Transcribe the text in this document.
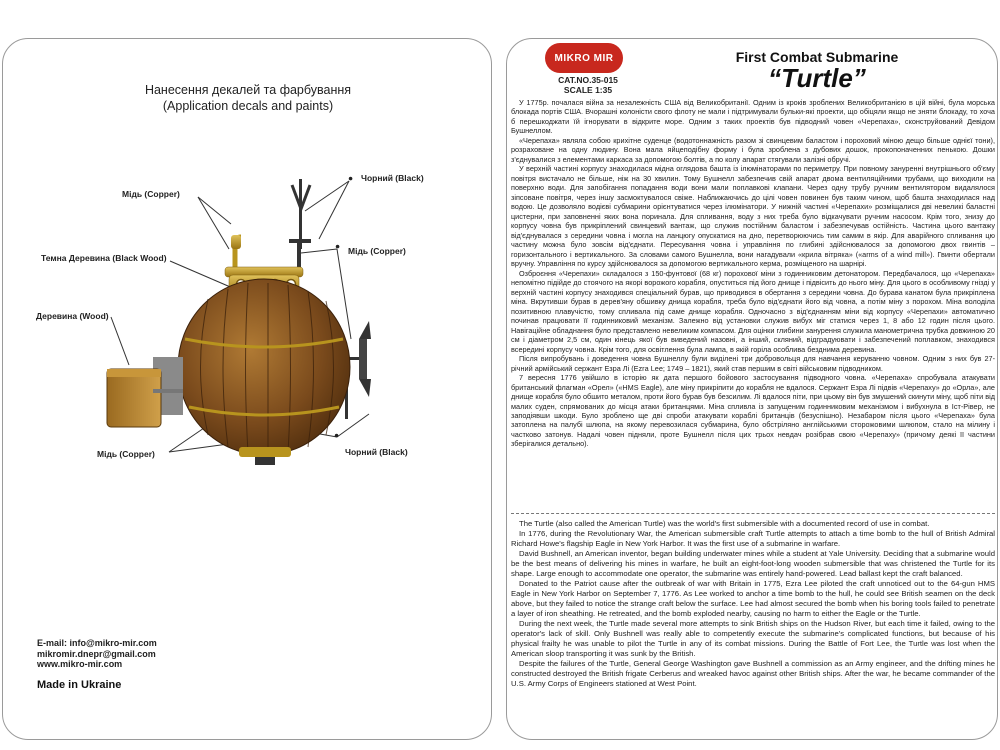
Нанесення декалей та фарбування
(Application decals and paints)
Мідь (Copper)
● Чорний (Black)
Темна Деревина (Black Wood)
● Мідь (Copper)
Деревина (Wood)
Мідь (Copper)
●
Чорний (Black)
E-mail: info@mikro-mir.com
mikromir.dnepr@gmail.com
www.mikro-mir.com
Made in Ukraine
MIKRO MIR
CAT.NO.35-015
SCALE 1:35
First Combat Submarine
“Turtle”

У 1775р. почалася війна за незалежність США від Великобританії. Одним із кроків зроблених Великобританією в цій війні, була морська блокада портів США. Вчорашні колоністи свого флоту не мали і підтримували бульки-які проекти, що обіцяли якщо не зняти блокаду, то хоча б перешкоджати їй ігнорувати в відкрите море. Одним з таких проектів був підводний човен «Черепаха», сконструйований Девідом Бушнеллом.

«Черепаха» являла собою крихітне суденце (водотоннажність разом зі свинцевим баластом і пороховий міною дещо більше однієї тони), розраховане на одну людину. Вона мала яйцеподібну форму і була зроблена з дубових дошок, прокопоначенних пенькою. Дошки з'єднувалися з елементами каркаса за допомогою болтів, а по колу апарат стягували залізні обручі.

У верхній частині корпусу знаходилася мідна оглядова башта із ілюмінаторами по периметру. При повному зануренні внутрішнього об'єму повітря вистачало не більше, ніж на 30 хвилин. Тому Бушнелл забезпечив свій апарат двома вентиляційними трубами, що виходили на поверхню води. Для запобігання попадання води вони мали поплавкові клапани. Через одну трубу ручним вентилятором видалялося зіпсоване повітря, через іншу засмоктувалося свіже. Наближаючись до цілі човен повинен був таким чином, щоб башта знаходилася над водою. Це дозволяло водієві субмарини орієнтуватися через ілюмінатори. У нижній частині «Черепахи» розміщалися дві невеликі баластні цистерни, при заповненні яких вона поринала. Для спливання, воду з них треба було відкачувати ручним насосом. Крім того, знизу до корпусу човна був прикріплений свинцевий вантаж, що служив постійним баластом і забезпечував остійність. Частина цього вантажу від'єднувалася з середини човна і могла на ланцюгу опускатися на дно, перетворюючись тим самим в якір. Для аварійного спливання цю частину можна було зовсім від'єднати. Пересування човна і управління по глибині здійснювалося за допомогою двох гвинтів – горизонтального і вертикального. За словами самого Бушнелла, вони нагадували «крила вітряка» («arms of a wind mill»). Гвинти обертали вручну. Управління по курсу здійснювалося за допомогою вертикального керма, розміщеного на шарнірі.

Озброєння «Черепахи» складалося з 150-фунтової (68 кг) порохової міни з годинниковим детонатором. Передбачалося, що «Черепаха» непомітно підійде до стоячого на якорі ворожого корабля, опуститься під його днище і підвісить до нього міну. Для цього в особливому гнізді у верхній частині корпусу знаходився спеціальний бурав, що приводився в обертання з середини човна. До бурава канатом була прикріплена міна. Вкрутивши бурав в дерев'яну обшивку днища корабля, треба було від'єднати його від човна, а потім міну з порохом. Міна володіла позитивною плавучістю, тому спливала під саме днище корабля. Одночасно з від'єднанням міни від корпусу «Черепахи» автоматично починав працювати її годинниковий механізм. Залежно від установки служив вибух міг статися через 1, 8 або 12 годин після цього. Навігаційне обладнання було представлено невеликим компасом. Для оцінки глибини занурення служила манометрична трубка довжиною 20 см і діаметром 2,5 см, один кінець якої був виведений назовні, а інший, скляний, відградуювати і забезпечений поплавком, знаходився всередині корпусу човна. Крім того, для освітлення була лампа, в якій горіла особлива безднима деревина.

Після випробувань і доведення човна Бушнеллу були виділені три добровольця для навчання керуванню човном. Одним з них був 27-річний армійський сержант Езра Лі (Ezra Lee; 1749 – 1821), який став першим в світі військовим підводником.

7 вересня 1776 увійшло в історію як дата першого бойового застосування підводного човна. «Черепаха» спробувала атакувати британський флагман «Орел» («HMS Eagle), але міну прикріпити до корабля не вдалося. Сержант Езра Лі підвів «Черепаху» до «Орла», але днище корабля було обшито металом, проти його бурав був безсилим. Лі вдалося піти, при цьому він був змушений скинути міну, щоб піти від малих суден, спрямованих до місця атаки британцями. Міна спливла із запущеним годинниковим механізмом і вибухнула в Іст-Рівер, не заподіявши шкоди. Було зроблено ще дві спроби атакувати кораблі британців (безуспішно). Незабаром після цього «Черепаха» була затоплена на палубі шлюпа, на якому перевозилася субмарина, було обстріляно англійськими сторожовими шлюпом, стало на мілину і частково затонув. Надалі човен підняли, проте Бушнелл після цих трьох невдач розібрав свою «Черепаху» (причому деякі її частини зберігалися детально).

The Turtle (also called the American Turtle) was the world's first submersible with a documented record of use in combat.

In 1776, during the Revolutionary War, the American submersible craft Turtle attempts to attach a time bomb to the hull of British Admiral Richard Howe's flagship Eagle in New York Harbor. It was the first use of a submarine in warfare.

David Bushnell, an American inventor, began building underwater mines while a student at Yale University. Deciding that a submarine would be the best means of delivering his mines in warfare, he built an eight-foot-long wooden submersible that was christened the Turtle for its shape. Large enough to accommodate one operator, the submarine was entirely hand-powered. Lead ballast kept the craft balanced.

Donated to the Patriot cause after the outbreak of war with Britain in 1775, Ezra Lee piloted the craft unnoticed out to the 64-gun HMS Eagle in New York Harbor on September 7, 1776. As Lee worked to anchor a time bomb to the hull, he could see British seamen on the deck above, but they failed to notice the strange craft below the surface. Lee had almost secured the bomb when his boring tools failed to penetrate a layer of iron sheathing. He retreated, and the bomb exploded nearby, causing no harm to either the Eagle or the Turtle.

During the next week, the Turtle made several more attempts to sink British ships on the Hudson River, but each time it failed, owing to the operator's lack of skill. Only Bushnell was really able to competently execute the submarine's complicated functions, but because of his physical frailty he was unable to pilot the Turtle in any of its combat missions. During the Battle of Fort Lee, the Turtle was lost when the American sloop transporting it was sunk by the British.

Despite the failures of the Turtle, General George Washington gave Bushnell a commission as an Army engineer, and the drifting mines he constructed destroyed the British frigate Cerberus and wreaked havoc against other British ships. After the war, he became commander of the U.S. Army Corps of Engineers stationed at West Point.
